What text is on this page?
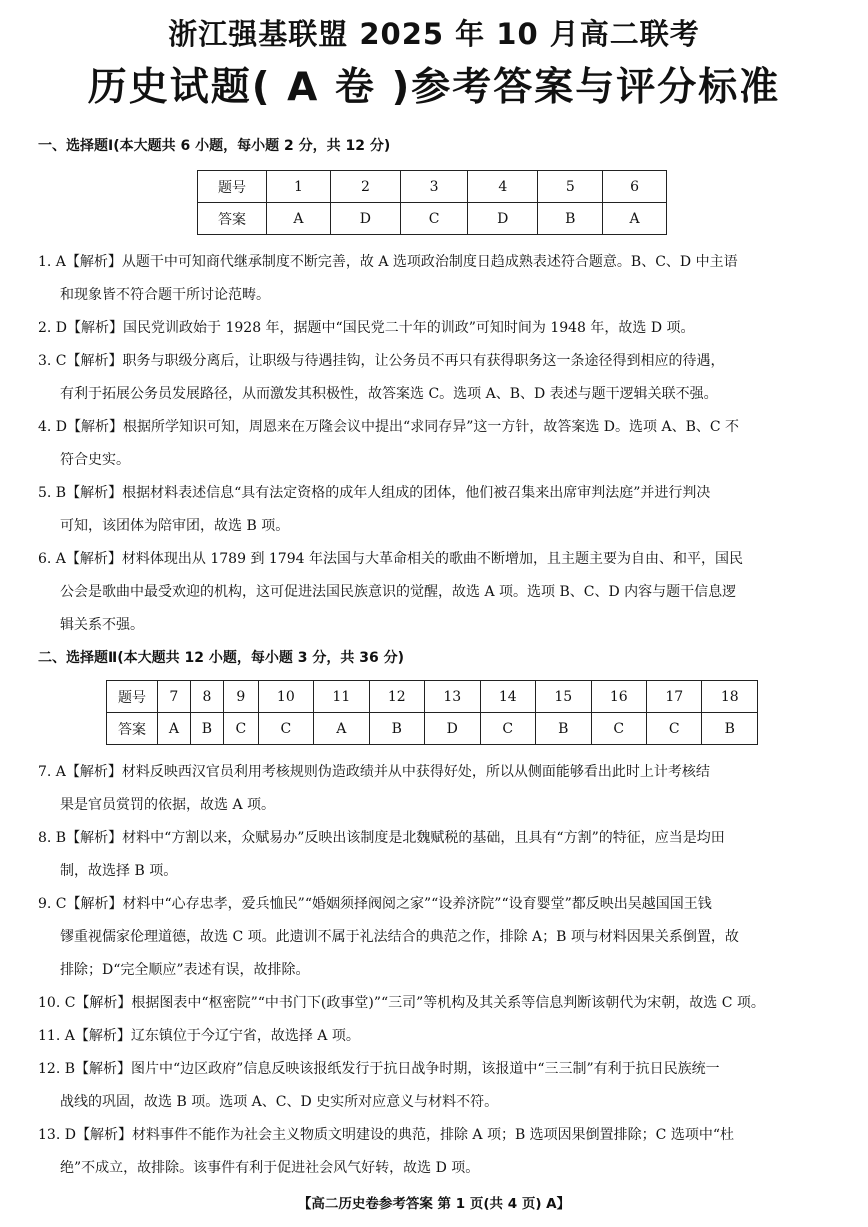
浙江强基联盟 2025 年 10 月高二联考
历史试题( A 卷 )参考答案与评分标准
一、选择题Ⅰ(本大题共 6 小题，每小题 2 分，共 12 分)
题号	1	2	3	4	5	6
答案	A	D	C	D	B	A

1. A【解析】从题干中可知商代继承制度不断完善，故 A 选项政治制度日趋成熟表述符合题意。B、C、D 中主语
和现象皆不符合题干所讨论范畴。

2. D【解析】国民党训政始于 1928 年，据题中“国民党二十年的训政”可知时间为 1948 年，故选 D 项。

3. C【解析】职务与职级分离后，让职级与待遇挂钩，让公务员不再只有获得职务这一条途径得到相应的待遇，
有利于拓展公务员发展路径，从而激发其积极性，故答案选 C。选项 A、B、D 表述与题干逻辑关联不强。

4. D【解析】根据所学知识可知，周恩来在万隆会议中提出“求同存异”这一方针，故答案选 D。选项 A、B、C 不
符合史实。

5. B【解析】根据材料表述信息“具有法定资格的成年人组成的团体，他们被召集来出席审判法庭”并进行判决
可知，该团体为陪审团，故选 B 项。

6. A【解析】材料体现出从 1789 到 1794 年法国与大革命相关的歌曲不断增加，且主题主要为自由、和平，国民
公会是歌曲中最受欢迎的机构，这可促进法国民族意识的觉醒，故选 A 项。选项 B、C、D 内容与题干信息逻
辑关系不强。

二、选择题Ⅱ(本大题共 12 小题，每小题 3 分，共 36 分)
题号	7	8	9	10	11	12	13	14	15	16	17	18
答案	A	B	C	C	A	B	D	C	B	C	C	B

7. A【解析】材料反映西汉官员利用考核规则伪造政绩并从中获得好处，所以从侧面能够看出此时上计考核结
果是官员赏罚的依据，故选 A 项。

8. B【解析】材料中“方割以来，众赋易办”反映出该制度是北魏赋税的基础，且具有“方割”的特征，应当是均田
制，故选择 B 项。

9. C【解析】材料中“心存忠孝，爱兵恤民”“婚姻须择阀阅之家”“设养济院”“设育婴堂”都反映出吴越国国王钱
镠重视儒家伦理道德，故选 C 项。此遗训不属于礼法结合的典范之作，排除 A；B 项与材料因果关系倒置，故
排除；D“完全顺应”表述有误，故排除。

10. C【解析】根据图表中“枢密院”“中书门下(政事堂)”“三司”等机构及其关系等信息判断该朝代为宋朝，故选 C 项。

11. A【解析】辽东镇位于今辽宁省，故选择 A 项。

12. B【解析】图片中“边区政府”信息反映该报纸发行于抗日战争时期，该报道中“三三制”有利于抗日民族统一
战线的巩固，故选 B 项。选项 A、C、D 史实所对应意义与材料不符。

13. D【解析】材料事件不能作为社会主义物质文明建设的典范，排除 A 项；B 选项因果倒置排除；C 选项中“杜
绝”不成立，故排除。该事件有利于促进社会风气好转，故选 D 项。

【高二历史卷参考答案 第 1 页(共 4 页) A】
